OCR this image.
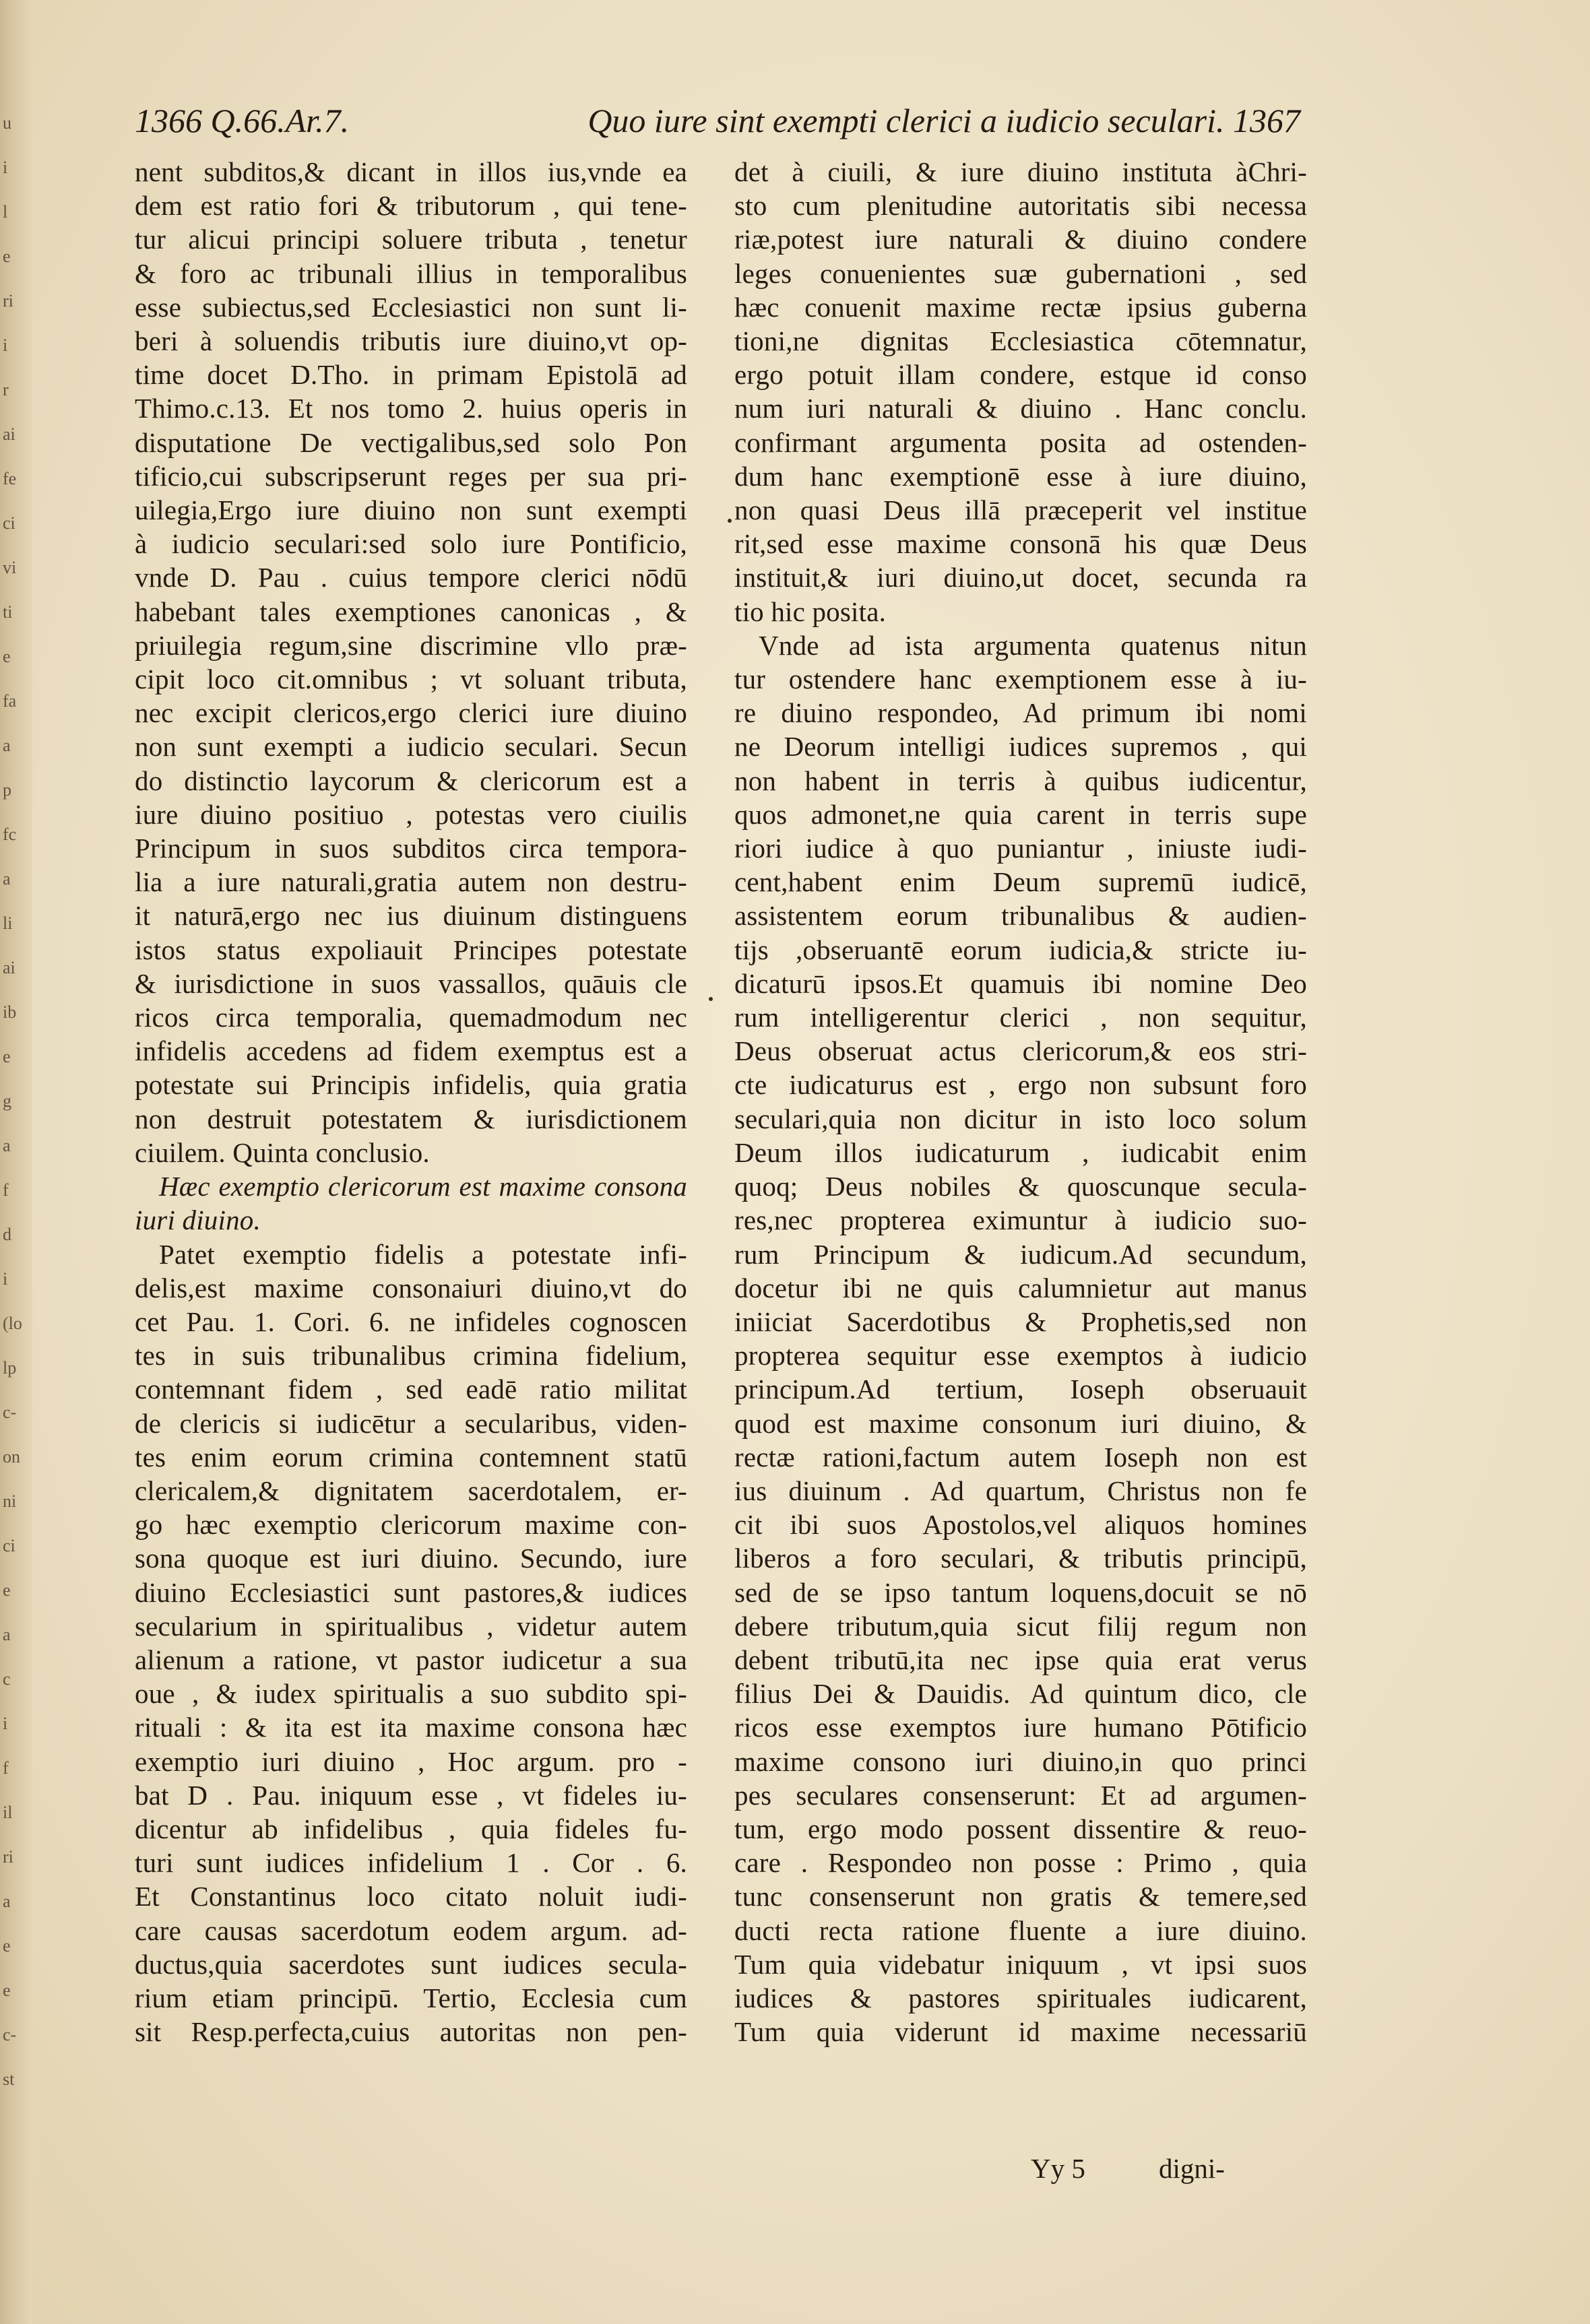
u
i
l
e
ri
i
r
ai
fe
ci
vi
ti
e
fa
a
p
fc
a
li
ai
ib
e
g
a
f
d
i
(lo
lp
c-
on
ni
ci
e
a
c
i
f
il
ri
a
e
e
c-
st
1366 Q.66.Ar.7.	Quo iure sint exempti clerici a iudicio seculari. 1367
nent subditos,& dicant in illos ius,vnde ea
dem est ratio fori & tributorum , qui tene-
tur alicui principi soluere tributa , tenetur
& foro ac tribunali illius in temporalibus
esse subiectus,sed Ecclesiastici non sunt li-
beri à soluendis tributis iure diuino,vt op-
time docet D.Tho. in primam Epistolā ad
Thimo.c.13. Et nos tomo 2. huius operis in
disputatione De vectigalibus,sed solo Pon
tificio,cui subscripserunt reges per sua pri-
uilegia,Ergo iure diuino non sunt exempti
à iudicio seculari:sed solo iure Pontificio,
vnde D. Pau . cuius tempore clerici nōdū
habebant tales exemptiones canonicas , &
priuilegia regum,sine discrimine vllo præ-
cipit loco cit.omnibus ; vt soluant tributa,
nec excipit clericos,ergo clerici iure diuino
non sunt exempti a iudicio seculari. Secun
do distinctio laycorum & clericorum est a
iure diuino positiuo , potestas vero ciuilis
Principum in suos subditos circa tempora-
lia a iure naturali,gratia autem non destru-
it naturā,ergo nec ius diuinum distinguens
istos status expoliauit Principes potestate
& iurisdictione in suos vassallos, quāuis cle
ricos circa temporalia, quemadmodum nec
infidelis accedens ad fidem exemptus est a
potestate sui Principis infidelis, quia gratia
non destruit potestatem & iurisdictionem
ciuilem. Quinta conclusio.
Hæc exemptio clericorum est maxime consona
iuri diuino.
Patet exemptio fidelis a potestate infi-
delis,est maxime consonaiuri diuino,vt do
cet Pau. 1. Cori. 6. ne infideles cognoscen
tes in suis tribunalibus crimina fidelium,
contemnant fidem , sed eadē ratio militat
de clericis si iudicētur a secularibus, viden-
tes enim eorum crimina contemnent statū
clericalem,& dignitatem sacerdotalem, er-
go hæc exemptio clericorum maxime con-
sona quoque est iuri diuino. Secundo, iure
diuino Ecclesiastici sunt pastores,& iudices
secularium in spiritualibus , videtur autem
alienum a ratione, vt pastor iudicetur a sua
oue , & iudex spiritualis a suo subdito spi-
rituali : & ita est ita maxime consona hæc
exemptio iuri diuino , Hoc argum. pro -
bat D . Pau. iniquum esse , vt fideles iu-
dicentur ab infidelibus , quia fideles fu-
turi sunt iudices infidelium 1 . Cor . 6.
Et Constantinus loco citato noluit iudi-
care causas sacerdotum eodem argum. ad-
ductus,quia sacerdotes sunt iudices secula-
rium etiam principū. Tertio, Ecclesia cum
sit Resp.perfecta,cuius autoritas non pen-
det à ciuili, & iure diuino instituta àChri-
sto cum plenitudine autoritatis sibi necessa
riæ,potest iure naturali & diuino condere
leges conuenientes suæ gubernationi , sed
hæc conuenit maxime rectæ ipsius guberna
tioni,ne dignitas Ecclesiastica cōtemnatur,
ergo potuit illam condere, estque id conso
num iuri naturali & diuino . Hanc conclu.
confirmant argumenta posita ad ostenden-
dum hanc exemptionē esse à iure diuino,
non quasi Deus illā præceperit vel instituе
rit,sed esse maxime consonā his quæ Deus
instituit,& iuri diuino,ut docet, secunda ra
tio hic posita.
Vnde ad ista argumenta quatenus nitun
tur ostendere hanc exemptionem esse à iu-
re diuino respondeo, Ad primum ibi nomi
ne Deorum intelligi iudices supremos , qui
non habent in terris à quibus iudicentur,
quos admonet,ne quia carent in terris supe
riori iudice à quo puniantur , iniuste iudi-
cent,habent enim Deum supremū iudicē,
assistentem eorum tribunalibus & audien-
tijs ,obseruantē eorum iudicia,& stricte iu-
dicaturū ipsos.Et quamuis ibi nomine Deo
rum intelligerentur clerici , non sequitur,
Deus obseruat actus clericorum,& eos stri-
cte iudicaturus est , ergo non subsunt foro
seculari,quia non dicitur in isto loco solum
Deum illos iudicaturum , iudicabit enim
quoq; Deus nobiles & quoscunque secula-
res,nec propterea eximuntur à iudicio suo-
rum Principum & iudicum.Ad secundum,
docetur ibi ne quis calumnietur aut manus
iniiciat Sacerdotibus & Prophetis,sed non
propterea sequitur esse exemptos à iudicio
principum.Ad tertium, Ioseph obseruauit
quod est maxime consonum iuri diuino, &
rectæ rationi,factum autem Ioseph non est
ius diuinum . Ad quartum, Christus non fe
cit ibi suos Apostolos,vel aliquos homines
liberos a foro seculari, & tributis principū,
sed de se ipso tantum loquens,docuit se nō
debere tributum,quia sicut filij regum non
debent tributū,ita nec ipse quia erat verus
filius Dei & Dauidis. Ad quintum dico, cle
ricos esse exemptos iure humano Pōtificio
maxime consono iuri diuino,in quo princi
pes seculares consenserunt: Et ad argumen-
tum, ergo modo possent dissentire & reuo-
care . Respondeo non posse : Primo , quia
tunc consenserunt non gratis & temere,sed
ducti recta ratione fluente a iure diuino.
Tum quia videbatur iniquum , vt ipsi suos
iudices & pastores spirituales iudicarent,
Tum quia viderunt id maxime necessariū
Yy 5	digni-
